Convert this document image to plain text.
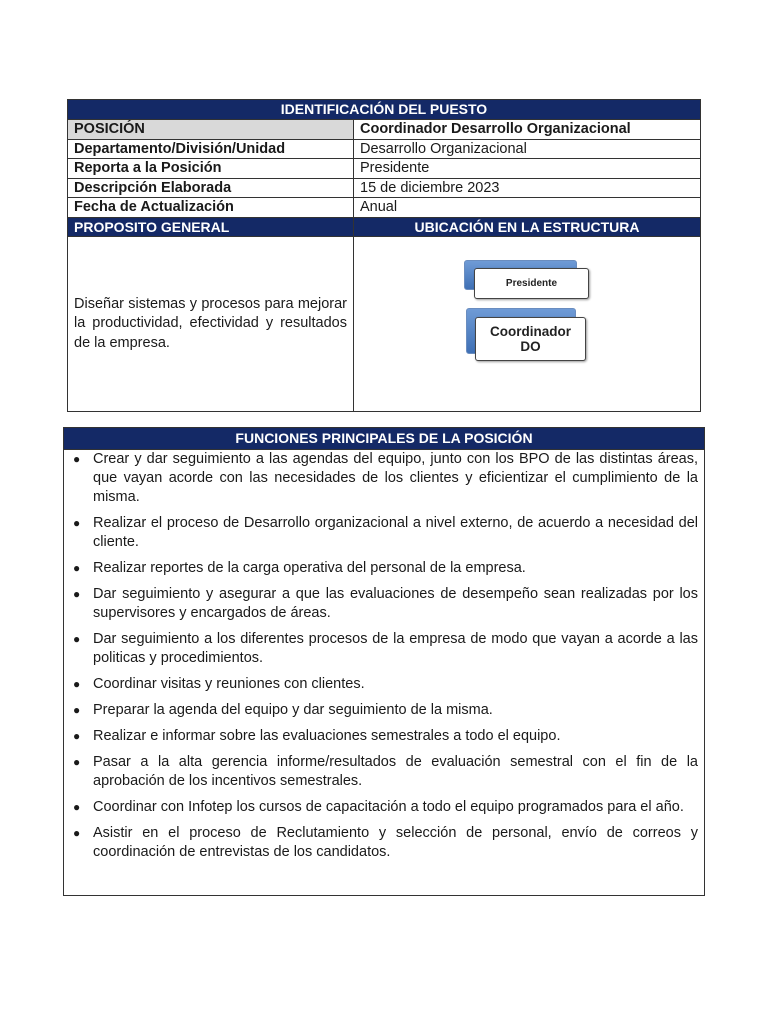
IDENTIFICACIÓN DEL PUESTO
POSICIÓN	Coordinador Desarrollo Organizacional
Departamento/División/Unidad	Desarrollo Organizacional
Reporta a la Posición	Presidente
Descripción Elaborada	15 de diciembre 2023
Fecha de Actualización	Anual
PROPOSITO GENERAL	UBICACIÓN EN LA ESTRUCTURA

Diseñar sistemas y procesos para mejorar la productividad, efectividad y resultados de la empresa.

Presidente
Coordinador DO
FUNCIONES PRINCIPALES DE LA POSICIÓN
● Crear y dar seguimiento a las agendas del equipo, junto con los BPO de las distintas áreas, que vayan acorde con las necesidades de los clientes y eficientizar el cumplimiento de la misma.
● Realizar el proceso de Desarrollo organizacional a nivel externo, de acuerdo a necesidad del cliente.
● Realizar reportes de la carga operativa del personal de la empresa.
● Dar seguimiento y asegurar a que las evaluaciones de desempeño sean realizadas por los supervisores y encargados de áreas.
● Dar seguimiento a los diferentes procesos de la empresa de modo que vayan a acorde a las politicas y procedimientos.
● Coordinar visitas y reuniones con clientes.
● Preparar la agenda del equipo y dar seguimiento de la misma.
● Realizar e informar sobre las evaluaciones semestrales a todo el equipo.
● Pasar a la alta gerencia informe/resultados de evaluación semestral con el fin de la aprobación de los incentivos semestrales.
● Coordinar con Infotep los cursos de capacitación a todo el equipo programados para el año.
● Asistir en el proceso de Reclutamiento y selección de personal, envío de correos y coordinación de entrevistas de los candidatos.
